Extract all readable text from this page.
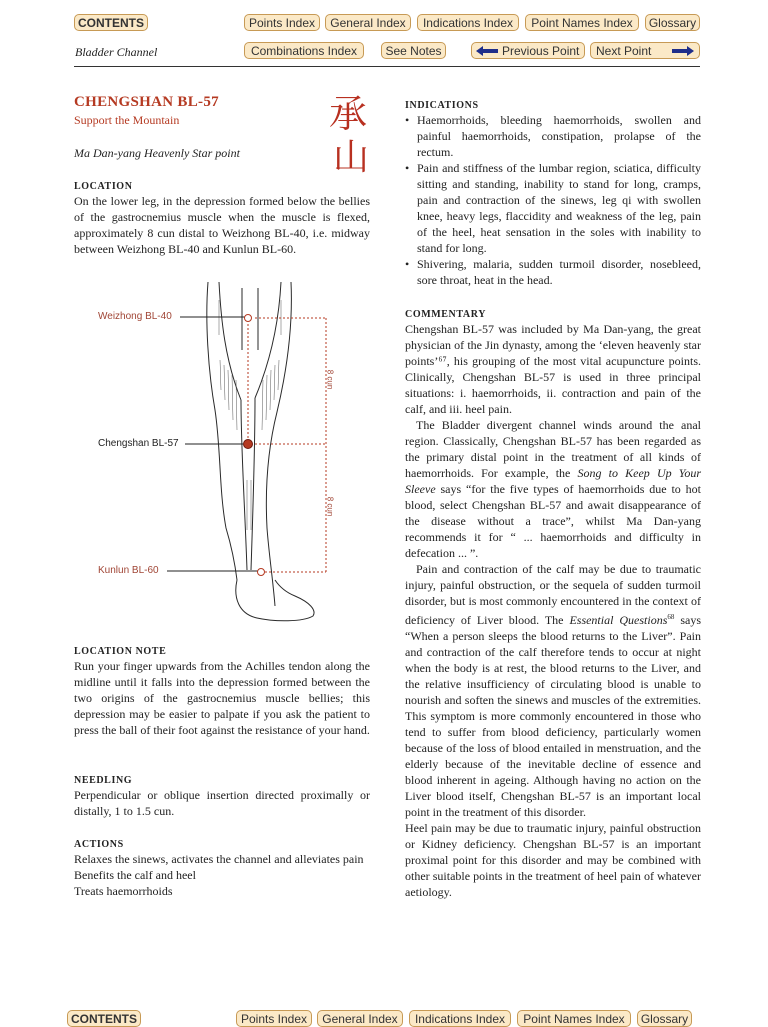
CONTENTS	Points Index	General Index	Indications Index	Point Names Index	Glossary
Bladder Channel	Combinations Index	See Notes	Previous Point Next Point
CHENGSHAN BL-57
Support the Mountain	承
山
Ma Dan-yang Heavenly Star point
LOCATION
On the lower leg, in the depression formed below the bellies of the gastrocnemius muscle when the muscle is flexed, approximately 8 cun distal to Weizhong BL-40, i.e. midway between Weizhong BL-40 and Kunlun BL-60.
Weizhong BL-40
Chengshan BL-57
Kunlun BL-60
8 cun
8 cun
LOCATION NOTE
Run your finger upwards from the Achilles tendon along the midline until it falls into the depression formed between the two origins of the gastrocnemius muscle bellies; this depression may be easier to palpate if you ask the patient to press the ball of their foot against the resistance of your hand.
NEEDLING
Perpendicular or oblique insertion directed proximally or distally, 1 to 1.5 cun.
ACTIONS
Relaxes the sinews, activates the channel and alleviates pain
Benefits the calf and heel
Treats haemorrhoids
INDICATIONS
• Haemorrhoids, bleeding haemorrhoids, swollen and painful haemorrhoids, constipation, prolapse of the rectum.
• Pain and stiffness of the lumbar region, sciatica, difficulty sitting and standing, inability to stand for long, cramps, pain and contraction of the sinews, leg qi with swollen knee, heavy legs, flaccidity and weakness of the leg, pain of the heel, heat sensation in the soles with inability to stand for long.
• Shivering, malaria, sudden turmoil disorder, nosebleed, sore throat, heat in the head.
COMMENTARY

Chengshan BL-57 was included by Ma Dan-yang, the great physician of the Jin dynasty, among the ‘eleven heavenly star points’⁶⁷, his grouping of the most vital acupuncture points. Clinically, Chengshan BL-57 is used in three principal situations: i. haemorrhoids, ii. contraction and pain of the calf, and iii. heel pain.

The Bladder divergent channel winds around the anal region. Classically, Chengshan BL-57 has been regarded as the primary distal point in the treatment of all kinds of haemorrhoids. For example, the Song to Keep Up Your Sleeve says “for the five types of haemorrhoids due to hot blood, select Chengshan BL-57 and await disappearance of the disease without a trace”, whilst Ma Dan-yang recommends it for “ ... haemorrhoids and difficulty in defecation ... ”.

Pain and contraction of the calf may be due to traumatic injury, painful obstruction, or the sequela of sudden turmoil disorder, but is most commonly encountered in the context of deficiency of Liver blood. The Essential Questions$^{68}$ says “When a person sleeps the blood returns to the Liver”. Pain and contraction of the calf therefore tends to occur at night when the body is at rest, the blood returns to the Liver, and the relative insufficiency of circulating blood is unable to nourish and soften the sinews and muscles of the extremities. This symptom is more commonly encountered in those who tend to suffer from blood deficiency, particularly women because of the loss of blood entailed in menstruation, and the elderly because of the inevitable decline of essence and blood inherent in ageing. Although having no action on the Liver blood itself, Chengshan BL-57 is an important local point in the treatment of this disorder.

Heel pain may be due to traumatic injury, painful obstruction or Kidney deficiency. Chengshan BL-57 is an important proximal point for this disorder and may be combined with other suitable points in the treatment of heel pain of whatever aetiology.

CONTENTS	Points Index	General Index	Indications Index	Point Names Index	Glossary
